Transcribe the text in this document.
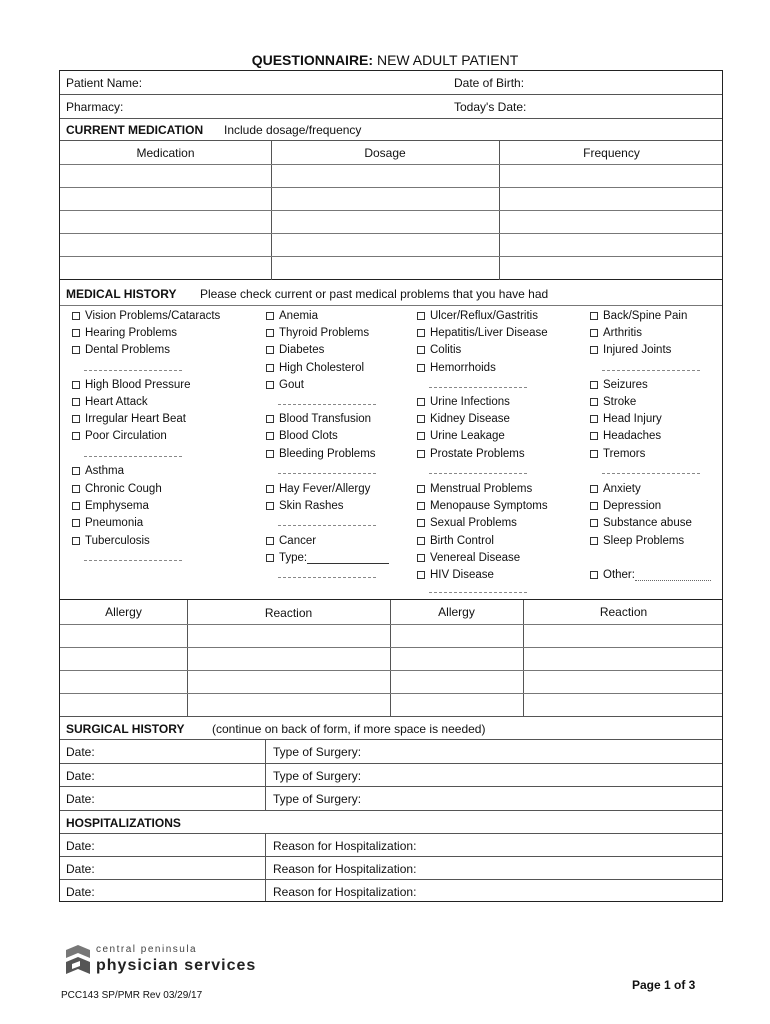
QUESTIONNAIRE: NEW ADULT PATIENT
Patient Name:	Date of Birth:
Pharmacy:	Today's Date:
CURRENT MEDICATION Include dosage/frequency
Medication	Dosage	Frequency
MEDICAL HISTORY Please check current or past medical problems that you have had
Vision Problems/Cataracts
Hearing Problems
Dental Problems
High Blood Pressure
Heart Attack
Irregular Heart Beat
Poor Circulation
Asthma
Chronic Cough
Emphysema
Pneumonia
Tuberculosis
Anemia
Thyroid Problems
Diabetes
High Cholesterol
Gout
Blood Transfusion
Blood Clots
Bleeding Problems
Hay Fever/Allergy
Skin Rashes
Cancer
Type:
Ulcer/Reflux/Gastritis
Hepatitis/Liver Disease
Colitis
Hemorrhoids
Urine Infections
Kidney Disease
Urine Leakage
Prostate Problems
Menstrual Problems
Menopause Symptoms
Sexual Problems
Birth Control
Venereal Disease
HIV Disease
Back/Spine Pain
Arthritis
Injured Joints
Seizures
Stroke
Head Injury
Headaches
Tremors
Anxiety
Depression
Substance abuse
Sleep Problems
Other:
Allergy	Reaction	Allergy	Reaction
SURGICAL HISTORY (continue on back of form, if more space is needed)
Date:	Type of Surgery:
Date:	Type of Surgery:
Date:	Type of Surgery:
HOSPITALIZATIONS
Date:	Reason for Hospitalization:
Date:	Reason for Hospitalization:
Date:	Reason for Hospitalization:
central peninsula
physician services
PCC143 SP/PMR Rev 03/29/17
Page 1 of 3
